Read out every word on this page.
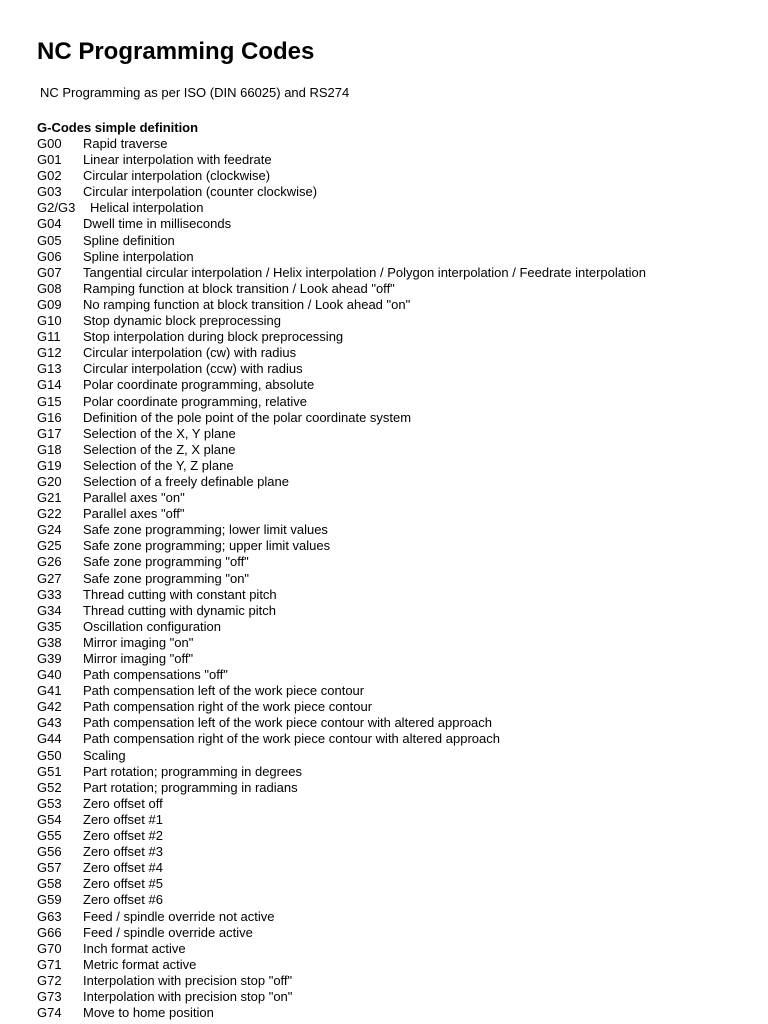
NC Programming Codes
NC Programming as per ISO (DIN 66025) and RS274
G-Codes simple definition
G00 Rapid traverse
G01 Linear interpolation with feedrate
G02 Circular interpolation (clockwise)
G03 Circular interpolation (counter clockwise)
G2/G3 Helical interpolation
G04 Dwell time in milliseconds
G05 Spline definition
G06 Spline interpolation
G07 Tangential circular interpolation / Helix interpolation / Polygon interpolation / Feedrate interpolation
G08 Ramping function at block transition / Look ahead "off"
G09 No ramping function at block transition / Look ahead "on"
G10 Stop dynamic block preprocessing
G11 Stop interpolation during block preprocessing
G12 Circular interpolation (cw) with radius
G13 Circular interpolation (ccw) with radius
G14 Polar coordinate programming, absolute
G15 Polar coordinate programming, relative
G16 Definition of the pole point of the polar coordinate system
G17 Selection of the X, Y plane
G18 Selection of the Z, X plane
G19 Selection of the Y, Z plane
G20 Selection of a freely definable plane
G21 Parallel axes "on"
G22 Parallel axes "off"
G24 Safe zone programming; lower limit values
G25 Safe zone programming; upper limit values
G26 Safe zone programming "off"
G27 Safe zone programming "on"
G33 Thread cutting with constant pitch
G34 Thread cutting with dynamic pitch
G35 Oscillation configuration
G38 Mirror imaging "on"
G39 Mirror imaging "off"
G40 Path compensations "off"
G41 Path compensation left of the work piece contour
G42 Path compensation right of the work piece contour
G43 Path compensation left of the work piece contour with altered approach
G44 Path compensation right of the work piece contour with altered approach
G50 Scaling
G51 Part rotation; programming in degrees
G52 Part rotation; programming in radians
G53 Zero offset off
G54 Zero offset #1
G55 Zero offset #2
G56 Zero offset #3
G57 Zero offset #4
G58 Zero offset #5
G59 Zero offset #6
G63 Feed / spindle override not active
G66 Feed / spindle override active
G70 Inch format active
G71 Metric format active
G72 Interpolation with precision stop "off"
G73 Interpolation with precision stop "on"
G74 Move to home position
